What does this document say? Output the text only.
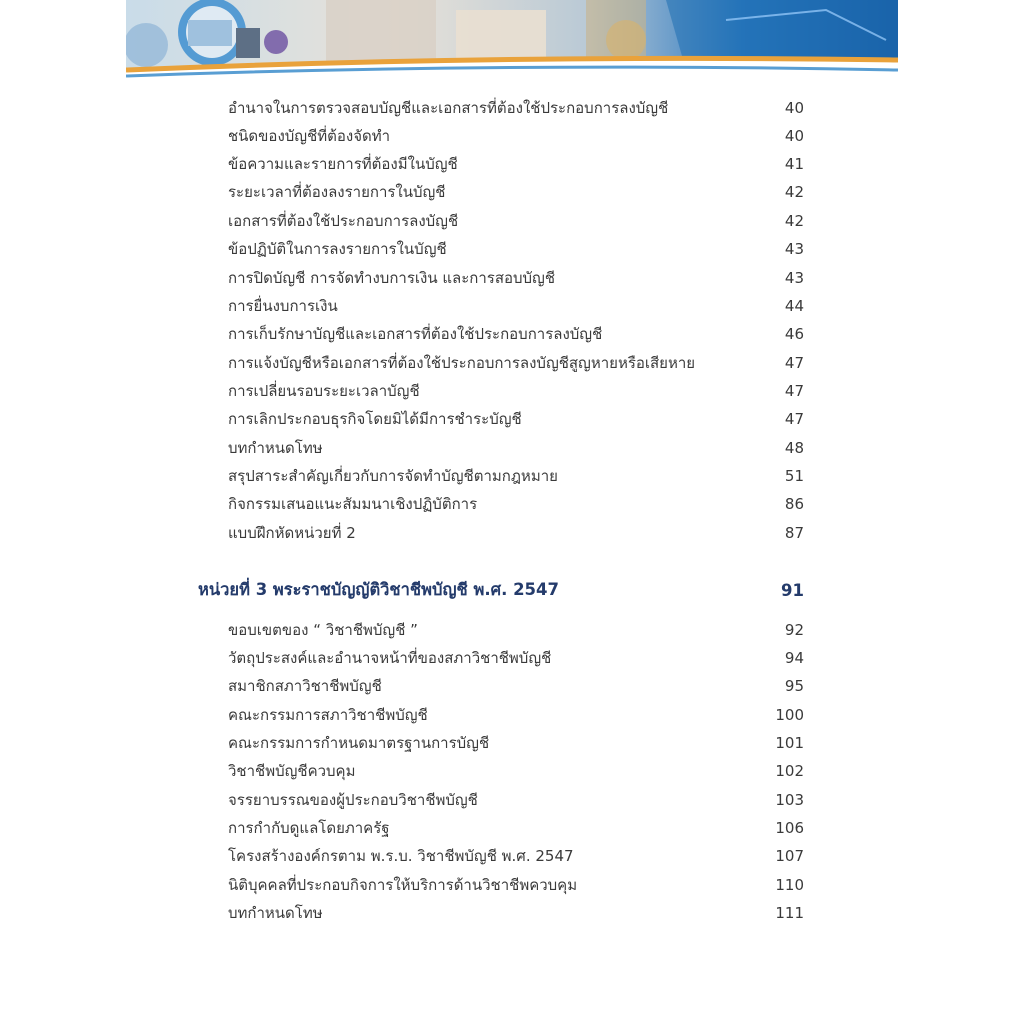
อำนาจในการตรวจสอบบัญชีและเอกสารที่ต้องใช้ประกอบการลงบัญชี	40
ชนิดของบัญชีที่ต้องจัดทำ	40
ข้อความและรายการที่ต้องมีในบัญชี	41
ระยะเวลาที่ต้องลงรายการในบัญชี	42
เอกสารที่ต้องใช้ประกอบการลงบัญชี	42
ข้อปฏิบัติในการลงรายการในบัญชี	43
การปิดบัญชี การจัดทำงบการเงิน และการสอบบัญชี	43
การยื่นงบการเงิน	44
การเก็บรักษาบัญชีและเอกสารที่ต้องใช้ประกอบการลงบัญชี	46
การแจ้งบัญชีหรือเอกสารที่ต้องใช้ประกอบการลงบัญชีสูญหายหรือเสียหาย	47
การเปลี่ยนรอบระยะเวลาบัญชี	47
การเลิกประกอบธุรกิจโดยมิได้มีการชำระบัญชี	47
บทกำหนดโทษ	48
สรุปสาระสำคัญเกี่ยวกับการจัดทำบัญชีตามกฎหมาย	51
กิจกรรมเสนอแนะสัมมนาเชิงปฏิบัติการ	86
แบบฝึกหัดหน่วยที่ 2	87
หน่วยที่ 3 พระราชบัญญัติวิชาชีพบัญชี พ.ศ. 2547	91
ขอบเขตของ “ วิชาชีพบัญชี ”	92
วัตถุประสงค์และอำนาจหน้าที่ของสภาวิชาชีพบัญชี	94
สมาชิกสภาวิชาชีพบัญชี	95
คณะกรรมการสภาวิชาชีพบัญชี	100
คณะกรรมการกำหนดมาตรฐานการบัญชี	101
วิชาชีพบัญชีควบคุม	102
จรรยาบรรณของผู้ประกอบวิชาชีพบัญชี	103
การกำกับดูแลโดยภาครัฐ	106
โครงสร้างองค์กรตาม พ.ร.บ. วิชาชีพบัญชี พ.ศ. 2547	107
นิติบุคคลที่ประกอบกิจการให้บริการด้านวิชาชีพควบคุม	110
บทกำหนดโทษ	111
